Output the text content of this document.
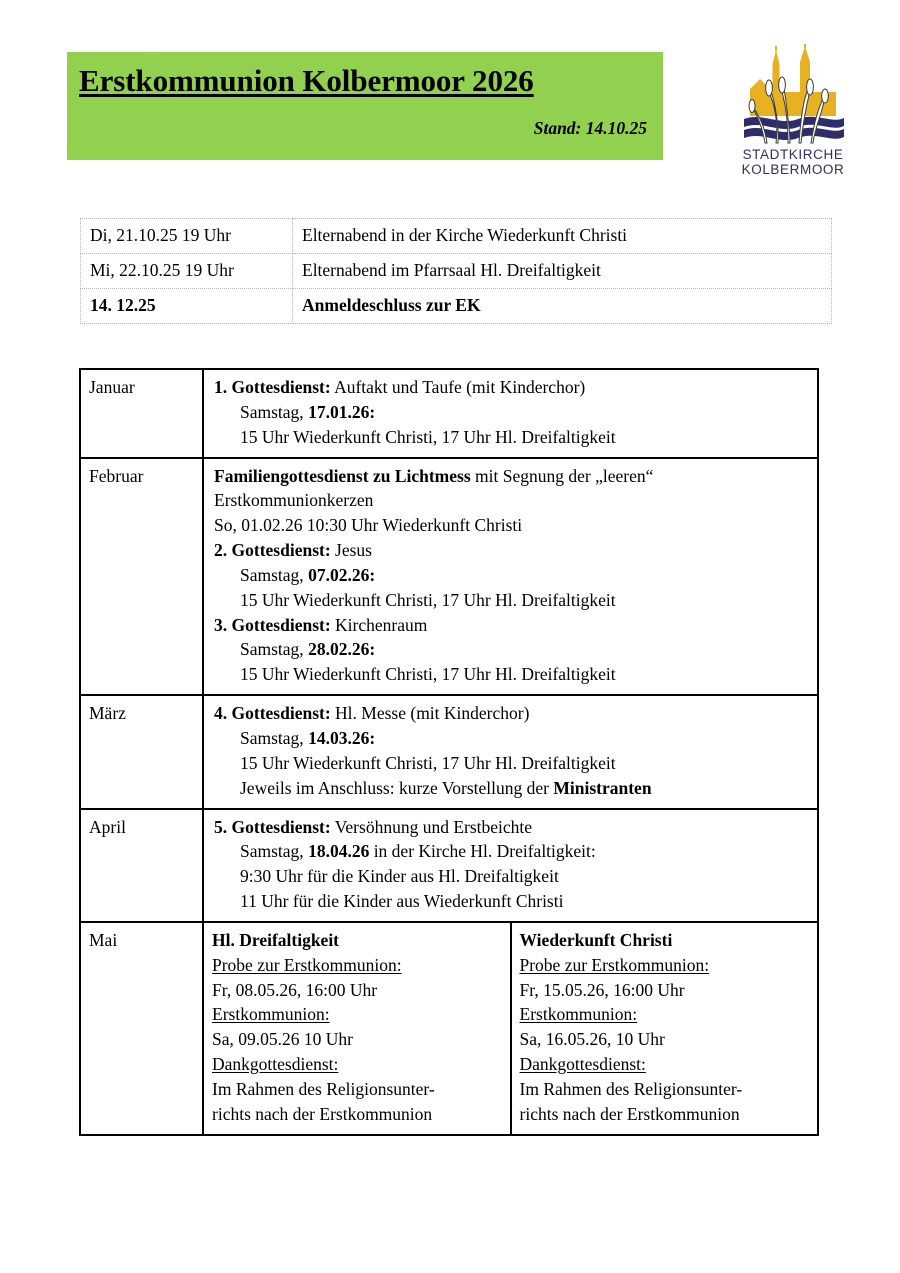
Erstkommunion Kolbermoor 2026
Stand: 14.10.25
STADTKIRCHE
KOLBERMOOR
Di, 21.10.25 19 Uhr	Elternabend in der Kirche Wiederkunft Christi
Mi, 22.10.25 19 Uhr	Elternabend im Pfarrsaal Hl. Dreifaltigkeit
14. 12.25	Anmeldeschluss zur EK
Januar	1. Gottesdienst: Auftakt und Taufe (mit Kinderchor)
Samstag, 17.01.26:
15 Uhr Wiederkunft Christi, 17 Uhr Hl. Dreifaltigkeit	

Februar	Familiengottesdienst zu Lichtmess mit Segnung der „leeren“ Erstkommunionkerzen
So, 01.02.26 10:30 Uhr Wiederkunft Christi
2. Gottesdienst: Jesus
Samstag, 07.02.26:
15 Uhr Wiederkunft Christi, 17 Uhr Hl. Dreifaltigkeit
3. Gottesdienst: Kirchenraum
Samstag, 28.02.26:
15 Uhr Wiederkunft Christi, 17 Uhr Hl. Dreifaltigkeit

März	4. Gottesdienst: Hl. Messe (mit Kinderchor)
Samstag, 14.03.26:
15 Uhr Wiederkunft Christi, 17 Uhr Hl. Dreifaltigkeit
Jeweils im Anschluss: kurze Vorstellung der Ministranten	

April	5. Gottesdienst: Versöhnung und Erstbeichte
Samstag, 18.04.26 in der Kirche Hl. Dreifaltigkeit:
9:30 Uhr für die Kinder aus Hl. Dreifaltigkeit
11 Uhr für die Kinder aus Wiederkunft Christi	

Mai	Hl. Dreifaltigkeit
Probe zur Erstkommunion:
Fr, 08.05.26, 16:00 Uhr
Erstkommunion:
Sa, 09.05.26 10 Uhr
Dankgottesdienst:
Im Rahmen des Religionsunter-
richts nach der Erstkommunion

Wiederkunft Christi
Probe zur Erstkommunion:
Fr, 15.05.26, 16:00 Uhr
Erstkommunion:
Sa, 16.05.26, 10 Uhr
Dankgottesdienst:
Im Rahmen des Religionsunter-
richts nach der Erstkommunion
